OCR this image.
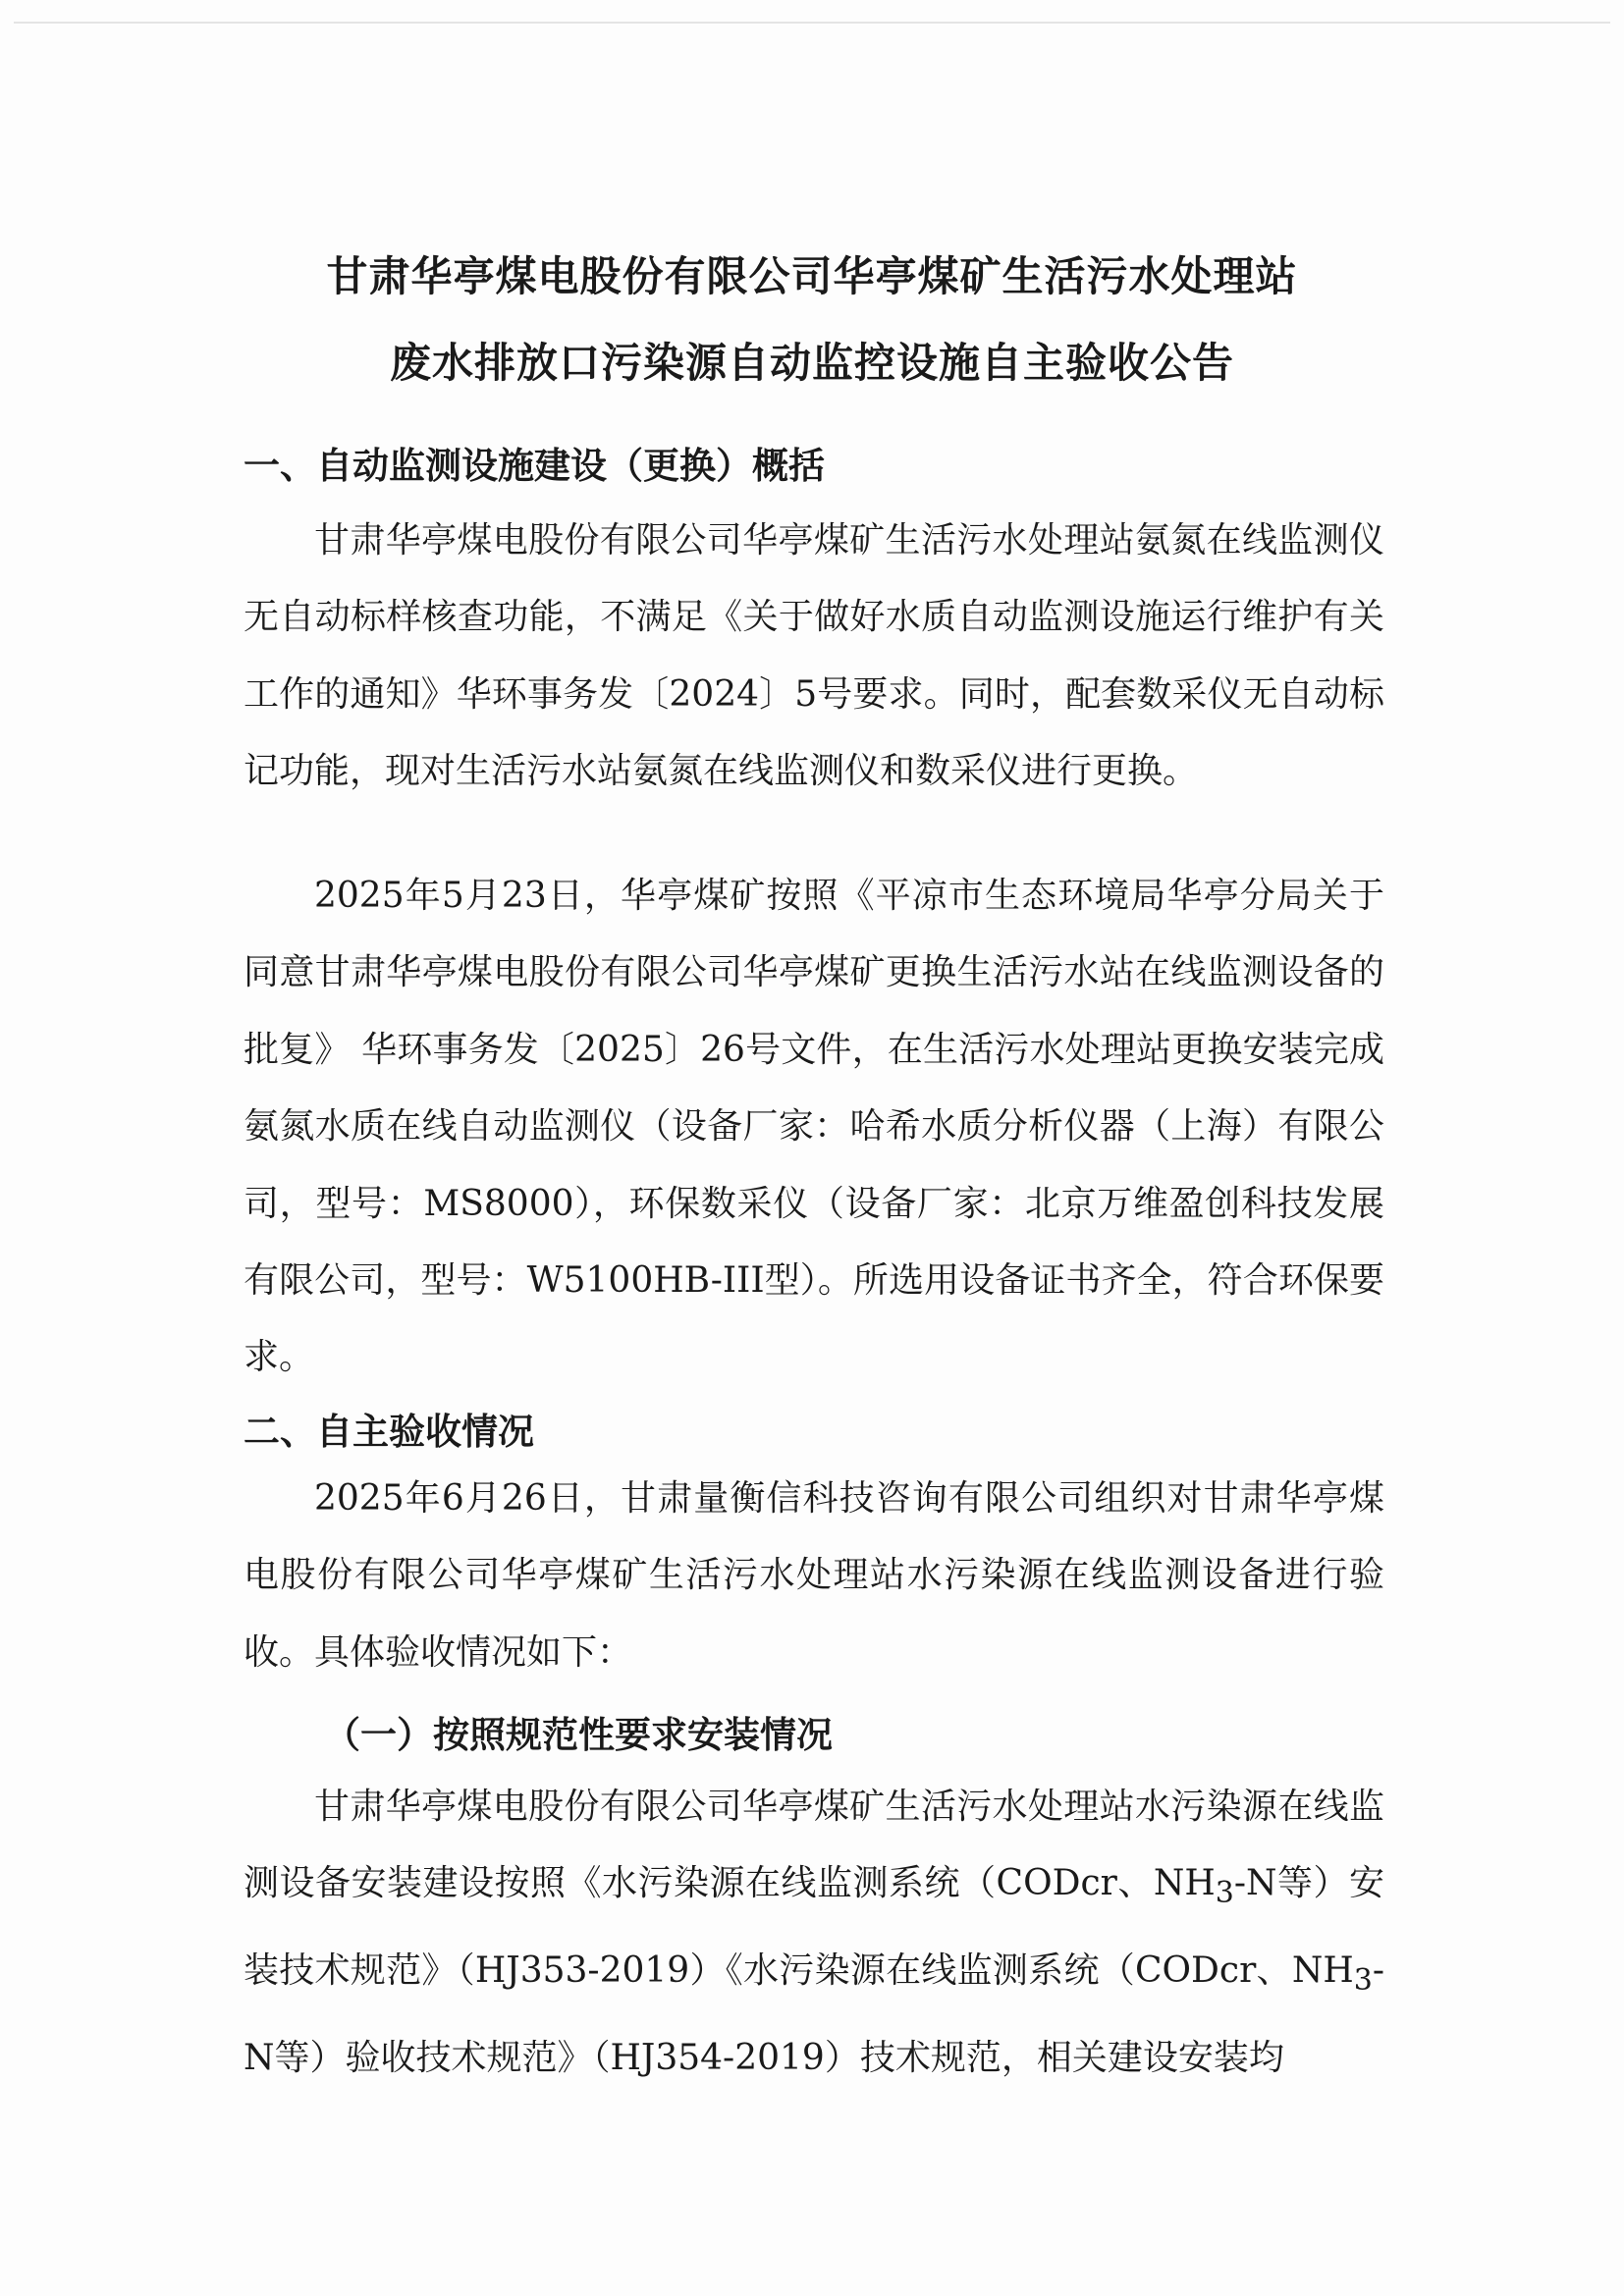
甘肃华亭煤电股份有限公司华亭煤矿生活污水处理站
废水排放口污染源自动监控设施自主验收公告
一、自动监测设施建设（更换）概括

甘肃华亭煤电股份有限公司华亭煤矿生活污水处理站氨氮在线监测仪无自动标样核查功能，不满足《关于做好水质自动监测设施运行维护有关工作的通知》华环事务发〔2024〕5号要求。同时，配套数采仪无自动标记功能，现对生活污水站氨氮在线监测仪和数采仪进行更换。

2025年5月23日，华亭煤矿按照《平凉市生态环境局华亭分局关于同意甘肃华亭煤电股份有限公司华亭煤矿更换生活污水站在线监测设备的批复》 华环事务发〔2025〕26号文件，在生活污水处理站更换安装完成氨氮水质在线自动监测仪（设备厂家：哈希水质分析仪器（上海）有限公司，型号：MS8000），环保数采仪（设备厂家：北京万维盈创科技发展有限公司，型号：W5100HB-III型）。所选用设备证书齐全，符合环保要求。

二、自主验收情况

2025年6月26日，甘肃量衡信科技咨询有限公司组织对甘肃华亭煤电股份有限公司华亭煤矿生活污水处理站水污染源在线监测设备进行验收。具体验收情况如下：

（一）按照规范性要求安装情况

甘肃华亭煤电股份有限公司华亭煤矿生活污水处理站水污染源在线监测设备安装建设按照《水污染源在线监测系统（CODcr、$NH_3-N$等）安装技术规范》（HJ353-2019）《水污染源在线监测系统（CODcr、$NH_3-N$等）验收技术规范》（HJ354-2019）技术规范，相关建设安装均
